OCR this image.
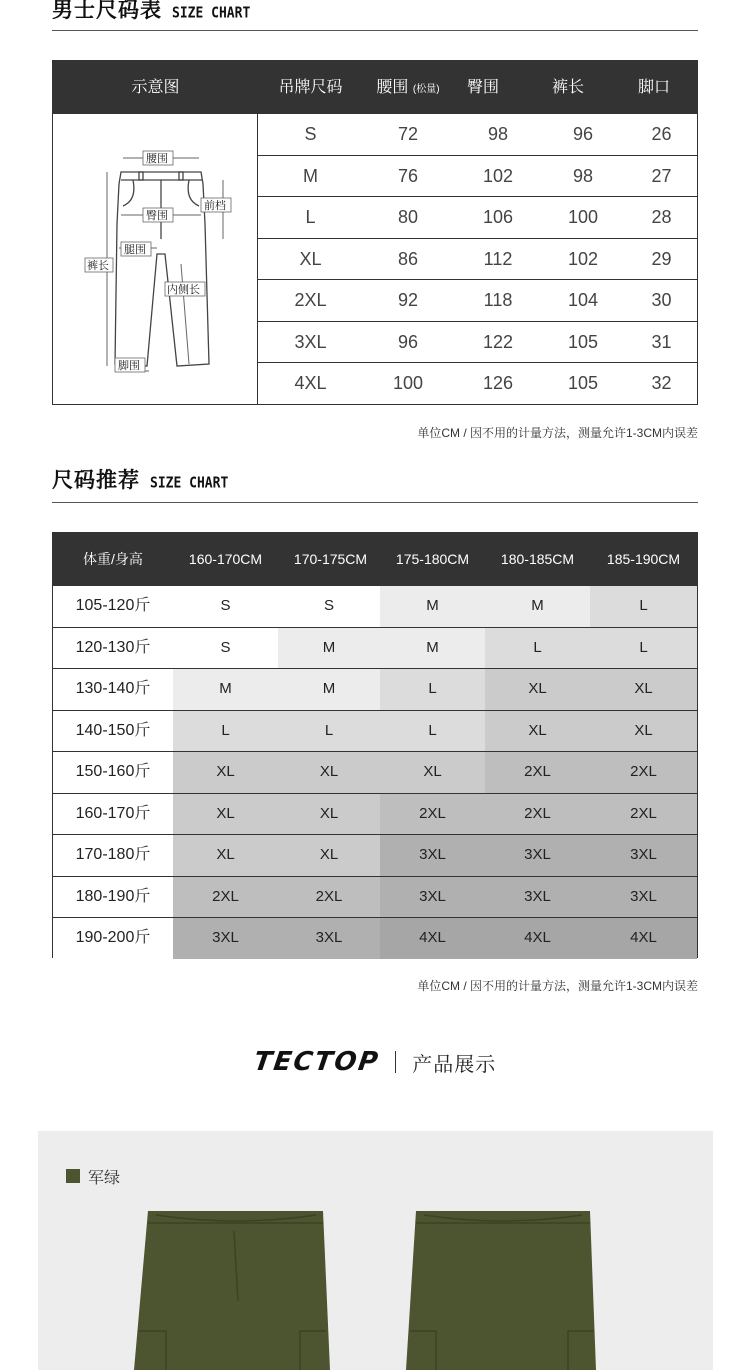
男士尺码表 SIZE CHART
示意图	吊牌尺码	腰围 (松量)	臀围	裤长	脚口
腰围
臀围
前档
腿围
裤长
内侧长
脚围
S	72	98	96	26
M	76	102	98	27
L	80	106	100	28
XL	86	112	102	29
2XL	92	118	104	30
3XL	96	122	105	31
4XL	100	126	105	32
单位CM / 因不用的计量方法，测量允许1-3CM内误差
尺码推荐 SIZE CHART
体重/身高	160-170CM	170-175CM	175-180CM	180-185CM	185-190CM
105-120斤	S	S	M	M	L
120-130斤	S	M	M	L	L
130-140斤	M	M	L	XL	XL
140-150斤	L	L	L	XL	XL
150-160斤	XL	XL	XL	2XL	2XL
160-170斤	XL	XL	2XL	2XL	2XL
170-180斤	XL	XL	3XL	3XL	3XL
180-190斤	2XL	2XL	3XL	3XL	3XL
190-200斤	3XL	3XL	4XL	4XL	4XL
单位CM / 因不用的计量方法，测量允许1-3CM内误差
TECTOP 产品展示
军绿
